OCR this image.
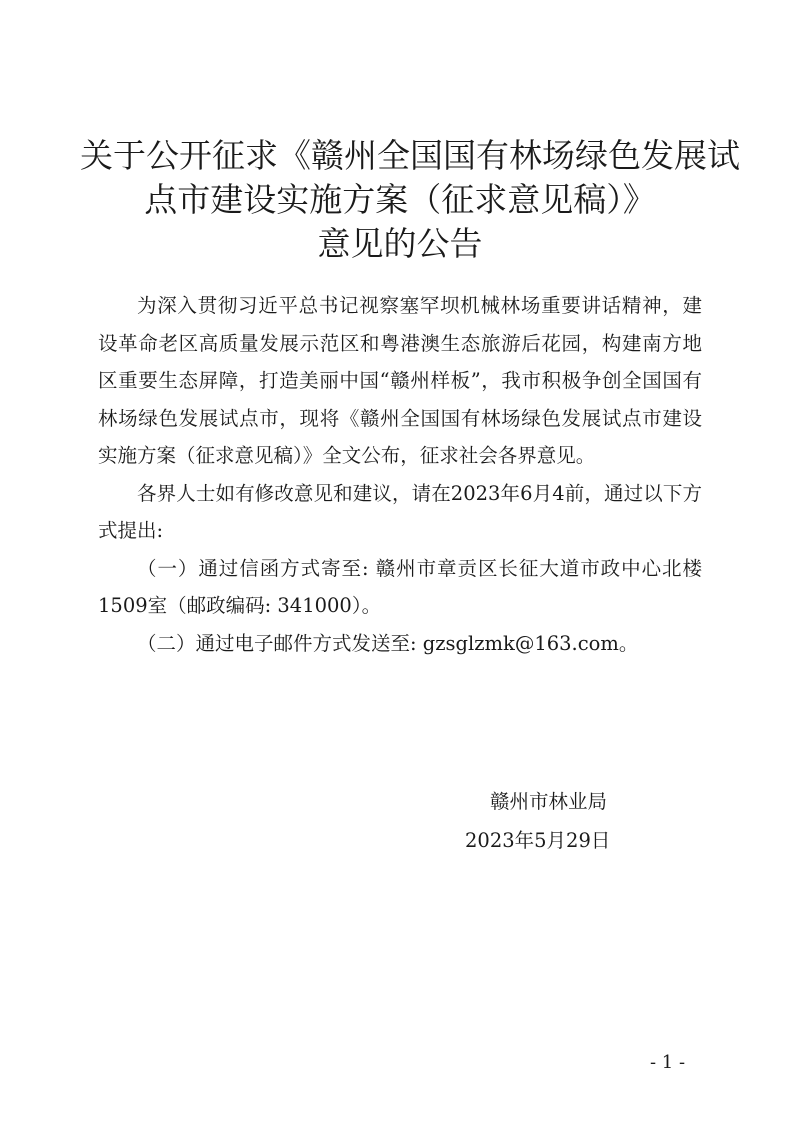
关于公开征求《赣州全国国有林场绿色发展试
点市建设实施方案（征求意见稿）》
意见的公告

为深入贯彻习近平总书记视察塞罕坝机械林场重要讲话精神，建设革命老区高质量发展示范区和粤港澳生态旅游后花园，构建南方地区重要生态屏障，打造美丽中国“赣州样板”，我市积极争创全国国有林场绿色发展试点市，现将《赣州全国国有林场绿色发展试点市建设实施方案（征求意见稿）》全文公布，征求社会各界意见。

各界人士如有修改意见和建议，请在2023年6月4前，通过以下方式提出:

（一）通过信函方式寄至: 赣州市章贡区长征大道市政中心北楼1509室（邮政编码: 341000）。

（二）通过电子邮件方式发送至: gzsglzmk@163.com。

赣州市林业局
2023年5月29日
- 1 -
